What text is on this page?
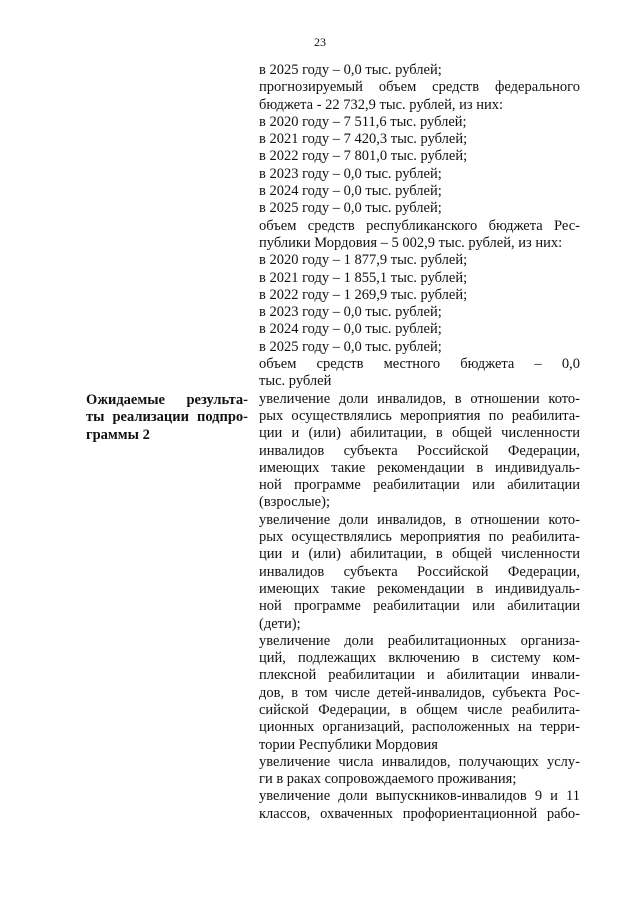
23
Ожидаемые результа-
ты реализации подпро-
граммы 2
в 2025 году – 0,0 тыс. рублей;
прогнозируемый объем средств федерального
бюджета - 22 732,9 тыс. рублей, из них:
в 2020 году – 7 511,6 тыс. рублей;
в 2021 году – 7 420,3 тыс. рублей;
в 2022 году – 7 801,0 тыс. рублей;
в 2023 году – 0,0 тыс. рублей;
в 2024 году – 0,0 тыс. рублей;
в 2025 году – 0,0 тыс. рублей;
объем средств республиканского бюджета Рес-
публики Мордовия – 5 002,9 тыс. рублей, из них:
в 2020 году – 1 877,9 тыс. рублей;
в 2021 году – 1 855,1 тыс. рублей;
в 2022 году – 1 269,9 тыс. рублей;
в 2023 году – 0,0 тыс. рублей;
в 2024 году – 0,0 тыс. рублей;
в 2025 году – 0,0 тыс. рублей;
объем средств местного бюджета – 0,0
тыс. рублей
увеличение доли инвалидов, в отношении кото-
рых осуществлялись мероприятия по реабилита-
ции и (или) абилитации, в общей численности
инвалидов субъекта Российской Федерации,
имеющих такие рекомендации в индивидуаль-
ной программе реабилитации или абилитации
(взрослые);
увеличение доли инвалидов, в отношении кото-
рых осуществлялись мероприятия по реабилита-
ции и (или) абилитации, в общей численности
инвалидов субъекта Российской Федерации,
имеющих такие рекомендации в индивидуаль-
ной программе реабилитации или абилитации
(дети);
увеличение доли реабилитационных организа-
ций, подлежащих включению в систему ком-
плексной реабилитации и абилитации инвали-
дов, в том числе детей-инвалидов, субъекта Рос-
сийской Федерации, в общем числе реабилита-
ционных организаций, расположенных на терри-
тории Республики Мордовия
увеличение числа инвалидов, получающих услу-
ги в раках сопровождаемого проживания;
увеличение доли выпускников-инвалидов 9 и 11
классов, охваченных профориентационной рабо-
